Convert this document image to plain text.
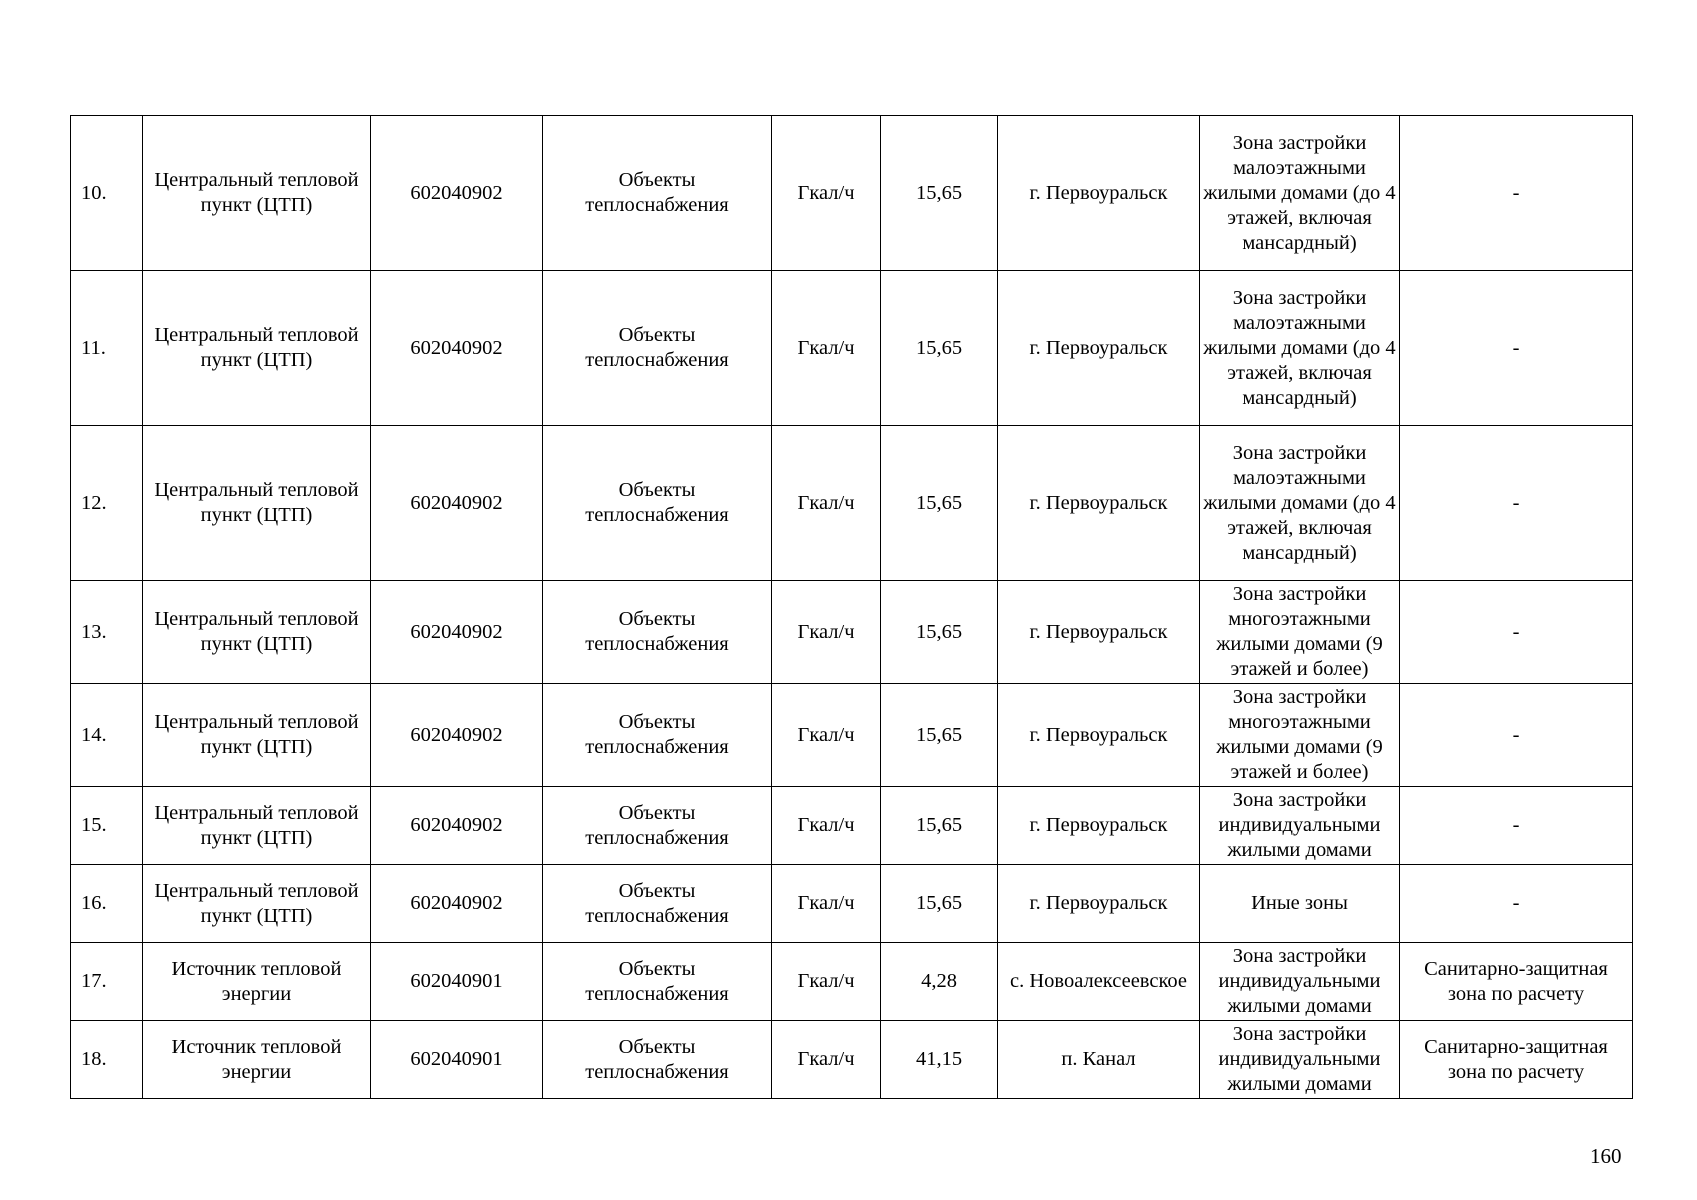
10.	Центральный тепловой пункт (ЦТП)	602040902	Объекты теплоснабжения	Гкал/ч	15,65	г. Первоуральск	Зона застройки малоэтажными жилыми домами (до 4 этажей, включая мансардный)	-
11.	Центральный тепловой пункт (ЦТП)	602040902	Объекты теплоснабжения	Гкал/ч	15,65	г. Первоуральск	Зона застройки малоэтажными жилыми домами (до 4 этажей, включая мансардный)	-
12.	Центральный тепловой пункт (ЦТП)	602040902	Объекты теплоснабжения	Гкал/ч	15,65	г. Первоуральск	Зона застройки малоэтажными жилыми домами (до 4 этажей, включая мансардный)	-
13.	Центральный тепловой пункт (ЦТП)	602040902	Объекты теплоснабжения	Гкал/ч	15,65	г. Первоуральск	Зона застройки многоэтажными жилыми домами (9 этажей и более)	-
14.	Центральный тепловой пункт (ЦТП)	602040902	Объекты теплоснабжения	Гкал/ч	15,65	г. Первоуральск	Зона застройки многоэтажными жилыми домами (9 этажей и более)	-
15.	Центральный тепловой пункт (ЦТП)	602040902	Объекты теплоснабжения	Гкал/ч	15,65	г. Первоуральск	Зона застройки индивидуальными жилыми домами	-
16.	Центральный тепловой пункт (ЦТП)	602040902	Объекты теплоснабжения	Гкал/ч	15,65	г. Первоуральск	Иные зоны	-
17.	Источник тепловой энергии	602040901	Объекты теплоснабжения	Гкал/ч	4,28	с. Новоалексеевское	Зона застройки индивидуальными жилыми домами	Санитарно-защитная зона по расчету
18.	Источник тепловой энергии	602040901	Объекты теплоснабжения	Гкал/ч	41,15	п. Канал	Зона застройки индивидуальными жилыми домами	Санитарно-защитная зона по расчету
160
